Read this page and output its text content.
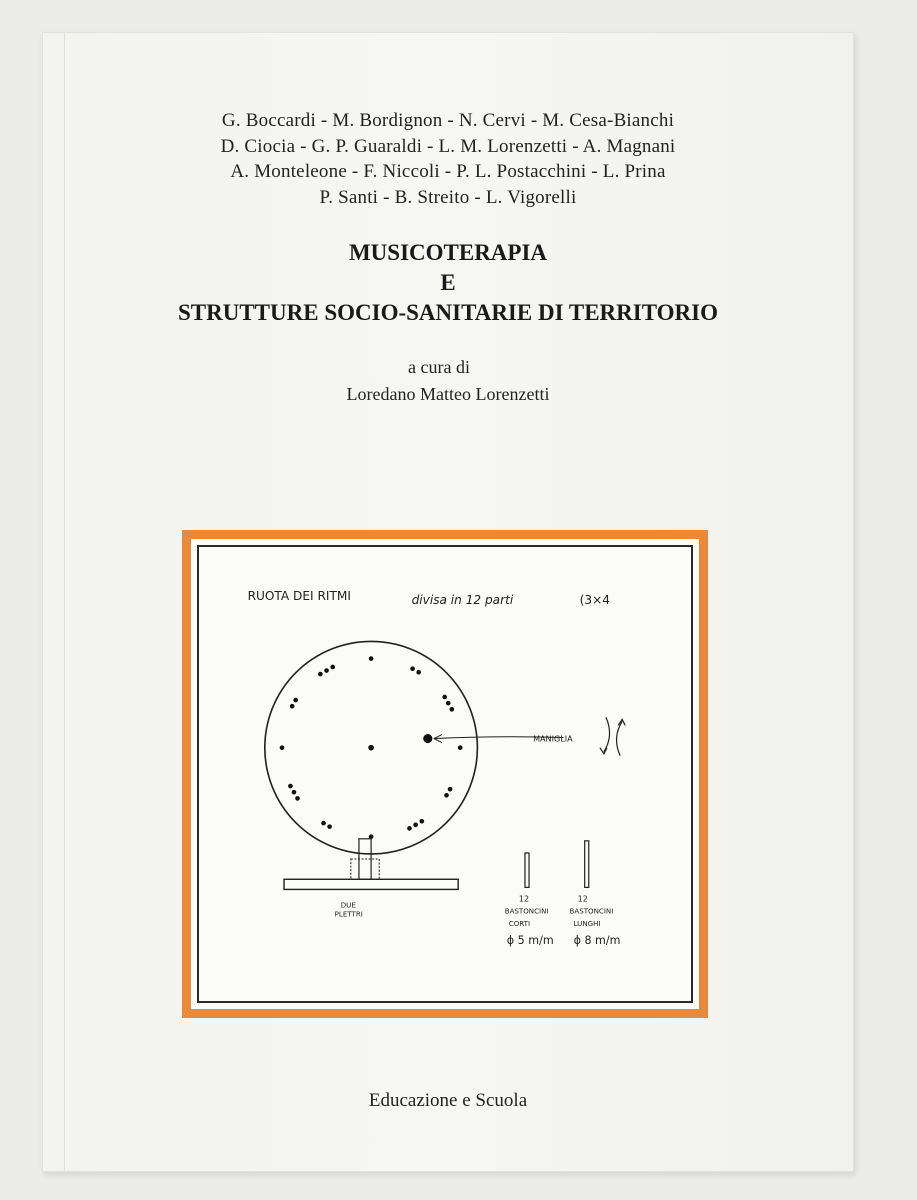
G. Boccardi - M. Bordignon - N. Cervi - M. Cesa-Bianchi
D. Ciocia - G. P. Guaraldi - L. M. Lorenzetti - A. Magnani
A. Monteleone - F. Niccoli - P. L. Postacchini - L. Prina
P. Santi - B. Streito - L. Vigorelli
MUSICOTERAPIA
E
STRUTTURE SOCIO-SANITARIE DI TERRITORIO
a cura di
Loredano Matteo Lorenzetti
RUOTA DEI RITMI	divisa in 12 parti	(3×4
MANIGLIA
DUE
PLETTRI
12
BASTONCINI
CORTI
ϕ 5 m/m
12
BASTONCINI
LUNGHI
ϕ 8 m/m
Educazione e Scuola
